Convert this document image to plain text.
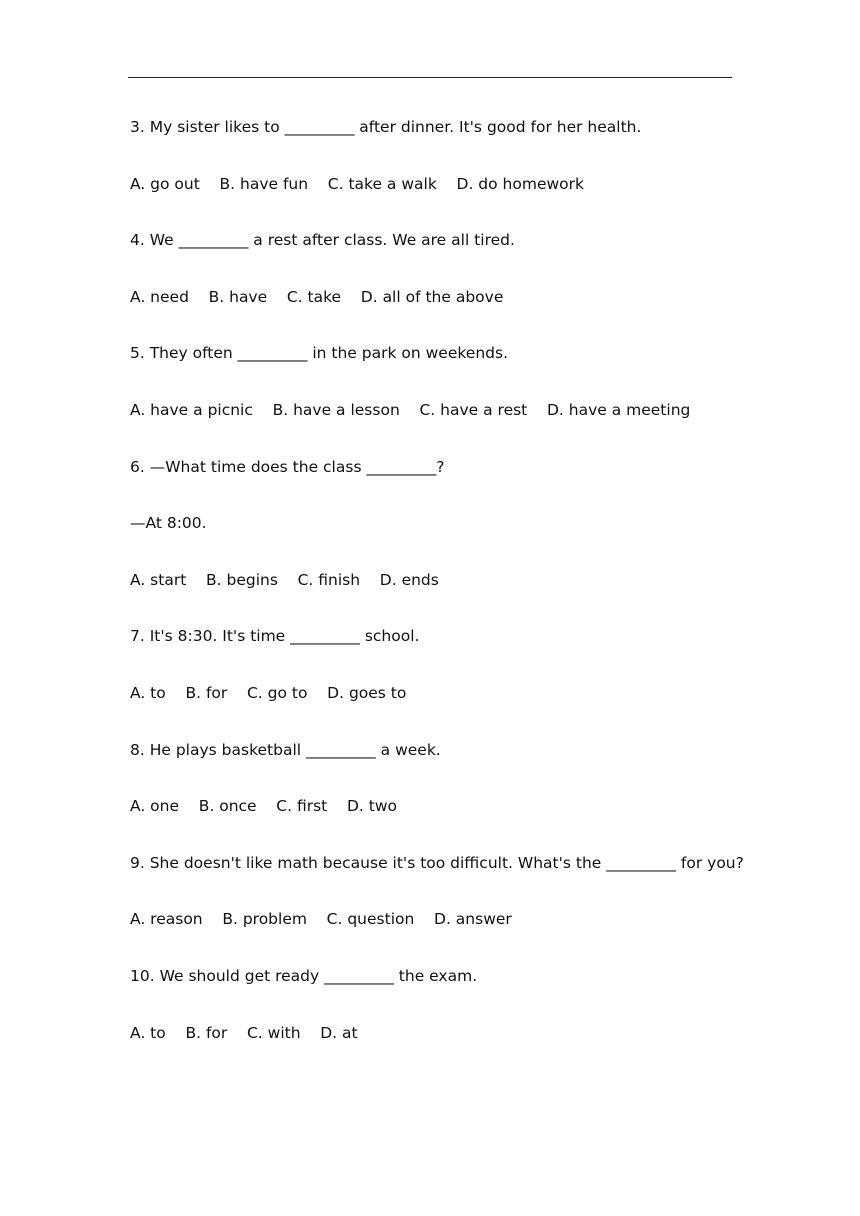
3. My sister likes to _________ after dinner. It's good for her health.
A. go out    B. have fun    C. take a walk    D. do homework
4. We _________ a rest after class. We are all tired.
A. need    B. have    C. take    D. all of the above
5. They often _________ in the park on weekends.
A. have a picnic    B. have a lesson    C. have a rest    D. have a meeting
6. —What time does the class _________?
—At 8:00.
A. start    B. begins    C. finish    D. ends
7. It's 8:30. It's time _________ school.
A. to    B. for    C. go to    D. goes to
8. He plays basketball _________ a week.
A. one    B. once    C. first    D. two
9. She doesn't like math because it's too difficult. What's the _________ for you?
A. reason    B. problem    C. question    D. answer
10. We should get ready _________ the exam.
A. to    B. for    C. with    D. at
